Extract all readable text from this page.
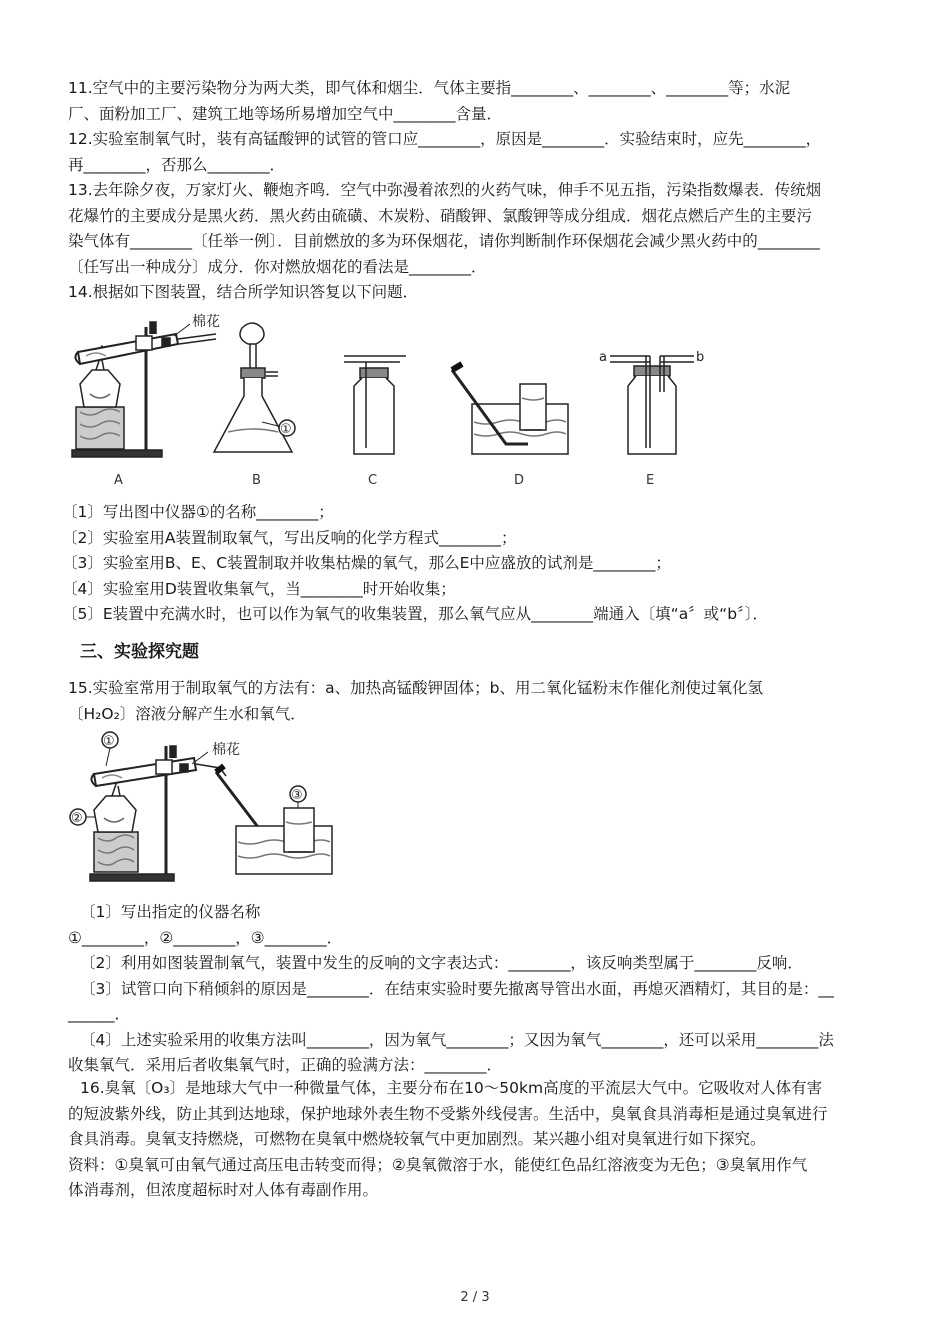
11.空气中的主要污染物分为两大类，即气体和烟尘．气体主要指________、________、________等；水泥
厂、面粉加工厂、建筑工地等场所易增加空气中________含量．
12.实验室制氧气时，装有高锰酸钾的试管的管口应________，原因是________．实验结束时，应先________，
再________，否那么________．
13.去年除夕夜，万家灯火、鞭炮齐鸣．空气中弥漫着浓烈的火药气味，伸手不见五指，污染指数爆表．传统烟
花爆竹的主要成分是黑火药．黑火药由硫磺、木炭粉、硝酸钾、氯酸钾等成分组成．烟花点燃后产生的主要污
染气体有________〔任举一例〕．目前燃放的多为环保烟花，请你判断制作环保烟花会减少黑火药中的________
〔任写出一种成分〕成分．你对燃放烟花的看法是________．
14.根据如下图装置，结合所学知识答复以下问题．
棉花
A
①
B	C	D
a	b
E
〔1〕写出图中仪器①的名称________；
〔2〕实验室用A装置制取氧气，写出反响的化学方程式________；
〔3〕实验室用B、E、C装置制取并收集枯燥的氧气，那么E中应盛放的试剂是________；
〔4〕实验室用D装置收集氧气，当________时开始收集；
〔5〕E装置中充满水时，也可以作为氧气的收集装置，那么氧气应从________端通入〔填“a〞或“b〞〕．
三、实验探究题
15.实验室常用于制取氧气的方法有：a、加热高锰酸钾固体；b、用二氧化锰粉末作催化剂使过氧化氢
〔H₂O₂〕溶液分解产生水和氧气．
①
②
③
棉花
〔1〕写出指定的仪器名称
①________，②________，③________．
〔2〕利用如图装置制氧气，装置中发生的反响的文字表达式：________，该反响类型属于________反响．
〔3〕试管口向下稍倾斜的原因是________．在结束实验时要先撤离导管出水面，再熄灭酒精灯，其目的是：__
______．
〔4〕上述实验采用的收集方法叫________，因为氧气________；又因为氧气________，还可以采用________法
收集氧气．采用后者收集氧气时，正确的验满方法：________．
16.臭氧〔O₃〕是地球大气中一种微量气体，主要分布在10～50km高度的平流层大气中。它吸收对人体有害
的短波紫外线，防止其到达地球，保护地球外表生物不受紫外线侵害。生活中，臭氧食具消毒柜是通过臭氧进行
食具消毒。臭氧支持燃烧，可燃物在臭氧中燃烧较氧气中更加剧烈。某兴趣小组对臭氧进行如下探究。
资料：①臭氧可由氧气通过高压电击转变而得；②臭氧微溶于水，能使红色品红溶液变为无色；③臭氧用作气
体消毒剂，但浓度超标时对人体有毒副作用。
2 / 3
